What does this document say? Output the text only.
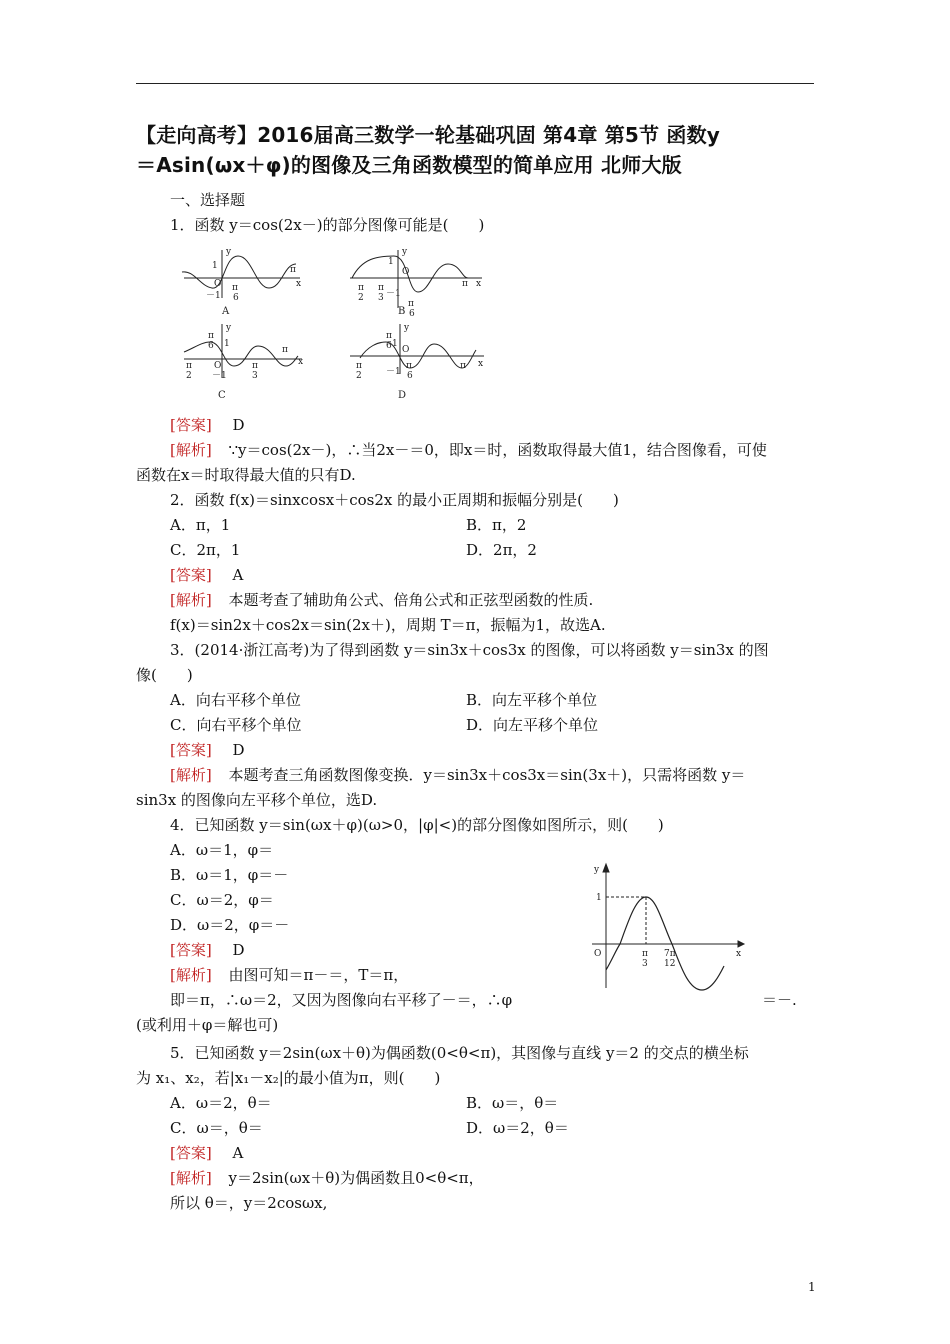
【走向高考】2016届高三数学一轮基础巩固 第4章 第5节 函数y
＝Asin(ωx＋φ)的图像及三角函数模型的简单应用 北师大版
一、选择题
1．函数 y＝cos(2x－)的部分图像可能是(　　)
y
x
1
O
－1
π
6
π
A
y
x
1
O
π
2
π
3 －1
π
6
π
B
y
x
π
6 1
O
－1
π
2
π
3
π
C
y
x
π
6 1
O
－1
π
2
π
6
π
D
[答案] D
[解析] ∵y＝cos(2x－)，∴当2x－＝0，即x＝时，函数取得最大值1，结合图像看，可使
函数在x＝时取得最大值的只有D.
2．函数 f(x)＝sinxcosx＋cos2x 的最小正周期和振幅分别是(　　)
A．π，1	B．π，2
C．2π，1	D．2π，2
[答案] A
[解析] 本题考查了辅助角公式、倍角公式和正弦型函数的性质.
f(x)＝sin2x＋cos2x＝sin(2x＋)，周期 T＝π，振幅为1，故选A.
3．(2014·浙江高考)为了得到函数 y＝sin3x＋cos3x 的图像，可以将函数 y＝sin3x 的图
像(　　)
A．向右平移个单位	B．向左平移个单位
C．向右平移个单位	D．向左平移个单位
[答案] D
[解析] 本题考查三角函数图像变换．y＝sin3x＋cos3x＝sin(3x＋)，只需将函数 y＝
sin3x 的图像向左平移个单位，选D.
4．已知函数 y＝sin(ωx＋φ)(ω>0，|φ|<)的部分图像如图所示，则(　　)
A．ω＝1，φ＝
B．ω＝1，φ＝－
C．ω＝2，φ＝
D．ω＝2，φ＝－
[答案] D
[解析] 由图可知＝π－＝，T＝π，
即＝π，∴ω＝2，又因为图像向右平移了－＝，∴φ	＝－.
(或利用＋φ＝解也可)
y
x
1
O	π
3
7π
12
5．已知函数 y＝2sin(ωx＋θ)为偶函数(0<θ<π)，其图像与直线 y＝2 的交点的横坐标
为 x₁、x₂，若|x₁－x₂|的最小值为π，则(　　)
A．ω＝2，θ＝	B．ω＝，θ＝
C．ω＝，θ＝	D．ω＝2，θ＝
[答案] A
[解析] y＝2sin(ωx＋θ)为偶函数且0<θ<π，
所以 θ＝，y＝2cosωx,
1
